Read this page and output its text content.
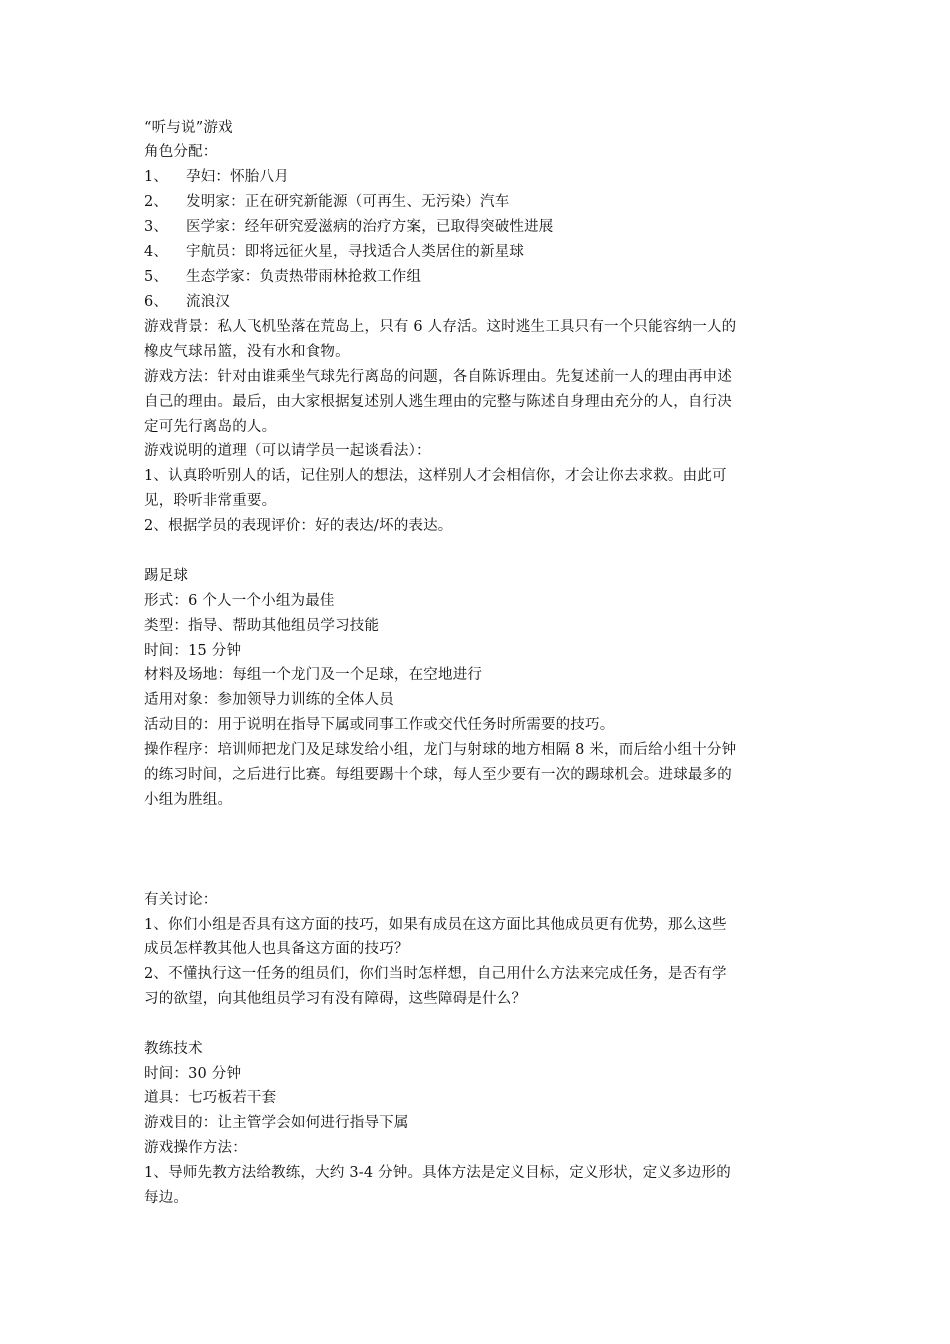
“听与说”游戏
角色分配：
1、 孕妇：怀胎八月
2、 发明家：正在研究新能源（可再生、无污染）汽车
3、 医学家：经年研究爱滋病的治疗方案，已取得突破性进展
4、 宇航员：即将远征火星，寻找适合人类居住的新星球
5、 生态学家：负责热带雨林抢救工作组
6、 流浪汉
游戏背景：私人飞机坠落在荒岛上，只有 6 人存活。这时逃生工具只有一个只能容纳一人的
橡皮气球吊篮，没有水和食物。
游戏方法：针对由谁乘坐气球先行离岛的问题，各自陈诉理由。先复述前一人的理由再申述
自己的理由。最后，由大家根据复述别人逃生理由的完整与陈述自身理由充分的人，自行决
定可先行离岛的人。
游戏说明的道理（可以请学员一起谈看法）：
1、认真聆听别人的话，记住别人的想法，这样别人才会相信你，才会让你去求救。由此可
见，聆听非常重要。
2、根据学员的表现评价：好的表达/坏的表达。
踢足球
形式：6 个人一个小组为最佳
类型：指导、帮助其他组员学习技能
时间：15 分钟
材料及场地：每组一个龙门及一个足球，在空地进行
适用对象：参加领导力训练的全体人员
活动目的：用于说明在指导下属或同事工作或交代任务时所需要的技巧。
操作程序：培训师把龙门及足球发给小组，龙门与射球的地方相隔 8 米，而后给小组十分钟
的练习时间，之后进行比赛。每组要踢十个球，每人至少要有一次的踢球机会。进球最多的
小组为胜组。
有关讨论：
1、你们小组是否具有这方面的技巧，如果有成员在这方面比其他成员更有优势，那么这些
成员怎样教其他人也具备这方面的技巧？
2、不懂执行这一任务的组员们，你们当时怎样想，自己用什么方法来完成任务，是否有学
习的欲望，向其他组员学习有没有障碍，这些障碍是什么？
教练技术
时间：30 分钟
道具：七巧板若干套
游戏目的：让主管学会如何进行指导下属
游戏操作方法：
1、导师先教方法给教练，大约 3-4 分钟。具体方法是定义目标，定义形状，定义多边形的
每边。
